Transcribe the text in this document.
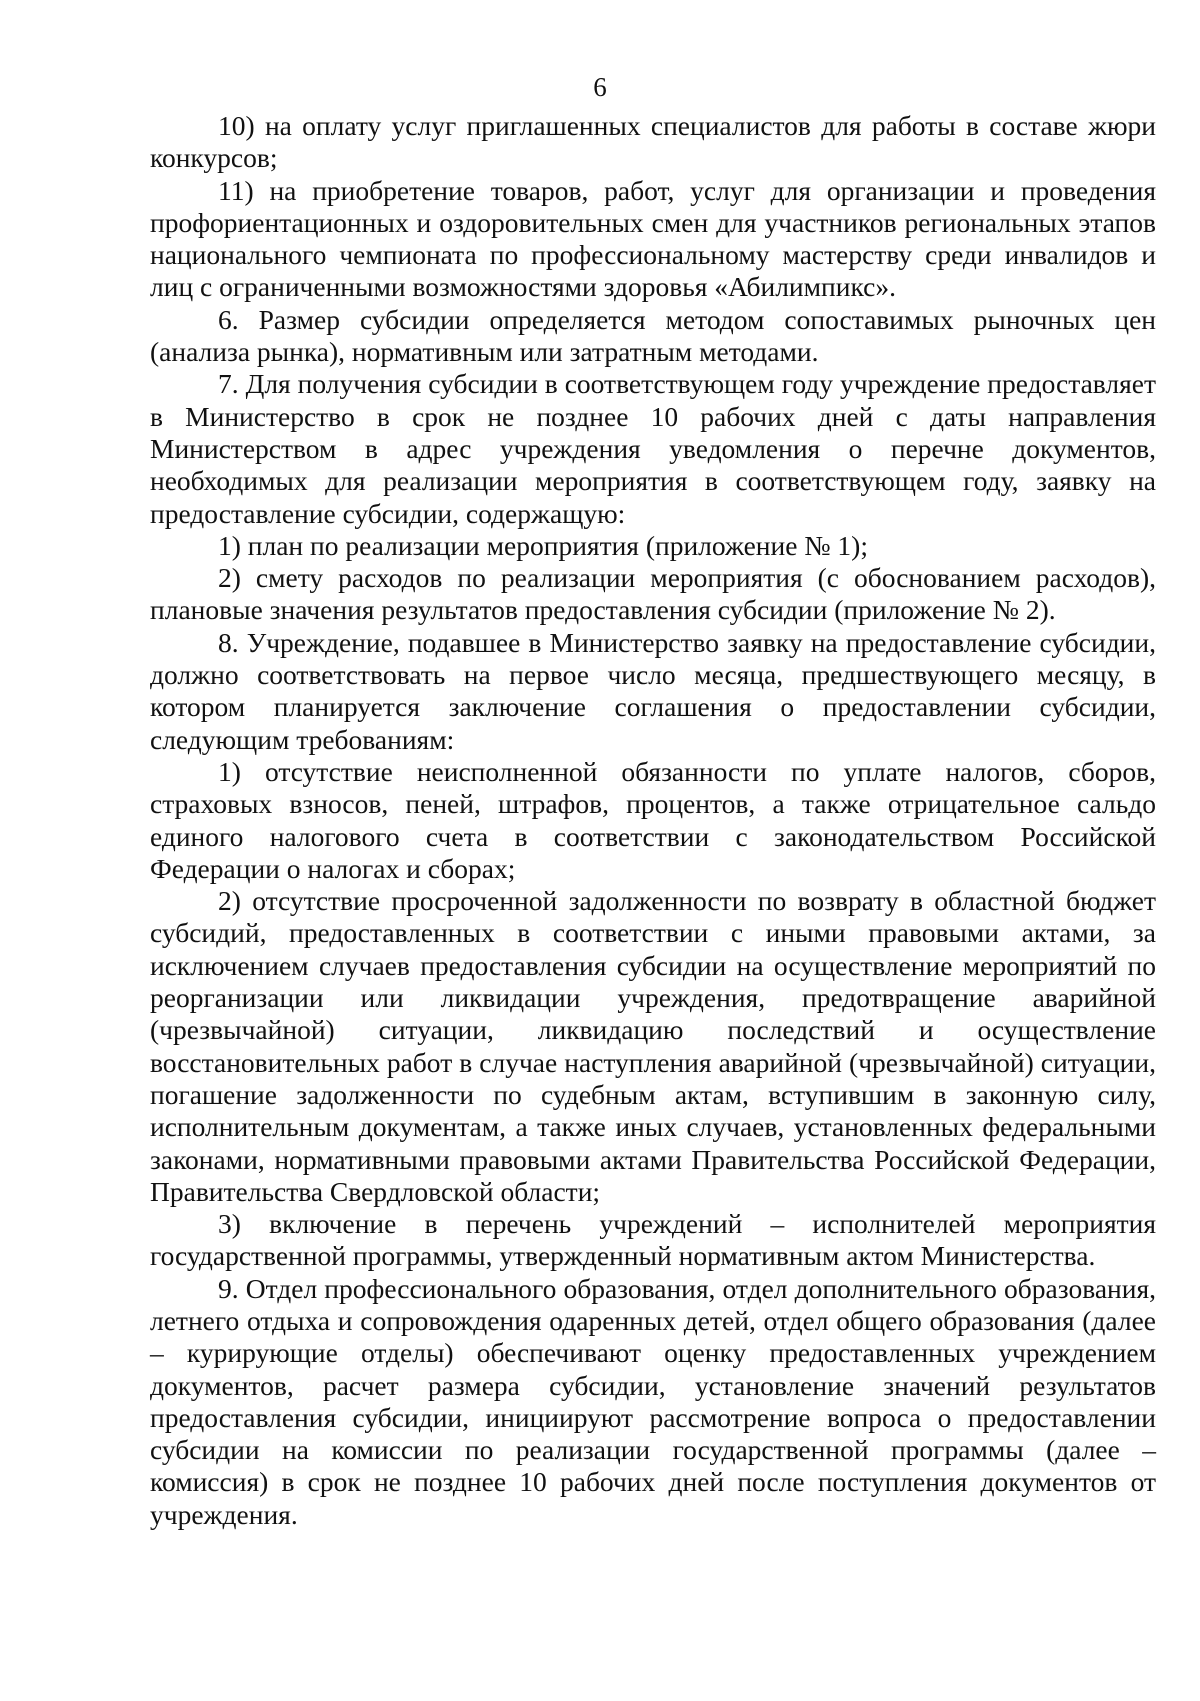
6

10) на оплату услуг приглашенных специалистов для работы в составе жюри конкурсов;

11) на приобретение товаров, работ, услуг для организации и проведения профориентационных и оздоровительных смен для участников региональных этапов национального чемпионата по профессиональному мастерству среди инвалидов и лиц с ограниченными возможностями здоровья «Абилимпикс».

6. Размер субсидии определяется методом сопоставимых рыночных цен (анализа рынка), нормативным или затратным методами.

7. Для получения субсидии в соответствующем году учреждение предоставляет в Министерство в срок не позднее 10 рабочих дней с даты направления Министерством в адрес учреждения уведомления о перечне документов, необходимых для реализации мероприятия в соответствующем году, заявку на предоставление субсидии, содержащую:

1) план по реализации мероприятия (приложение № 1);

2) смету расходов по реализации мероприятия (с обоснованием расходов), плановые значения результатов предоставления субсидии (приложение № 2).

8. Учреждение, подавшее в Министерство заявку на предоставление субсидии, должно соответствовать на первое число месяца, предшествующего месяцу, в котором планируется заключение соглашения о предоставлении субсидии, следующим требованиям:

1) отсутствие неисполненной обязанности по уплате налогов, сборов, страховых взносов, пеней, штрафов, процентов, а также отрицательное сальдо единого налогового счета в соответствии с законодательством Российской Федерации о налогах и сборах;

2) отсутствие просроченной задолженности по возврату в областной бюджет субсидий, предоставленных в соответствии с иными правовыми актами, за исключением случаев предоставления субсидии на осуществление мероприятий по реорганизации или ликвидации учреждения, предотвращение аварийной (чрезвычайной) ситуации, ликвидацию последствий и осуществление восстановительных работ в случае наступления аварийной (чрезвычайной) ситуации, погашение задолженности по судебным актам, вступившим в законную силу, исполнительным документам, а также иных случаев, установленных федеральными законами, нормативными правовыми актами Правительства Российской Федерации, Правительства Свердловской области;

3) включение в перечень учреждений – исполнителей мероприятия государственной программы, утвержденный нормативным актом Министерства.

9. Отдел профессионального образования, отдел дополнительного образования, летнего отдыха и сопровождения одаренных детей, отдел общего образования (далее – курирующие отделы) обеспечивают оценку предоставленных учреждением документов, расчет размера субсидии, установление значений результатов предоставления субсидии, инициируют рассмотрение вопроса о предоставлении субсидии на комиссии по реализации государственной программы (далее – комиссия) в срок не позднее 10 рабочих дней после поступления документов от учреждения.
